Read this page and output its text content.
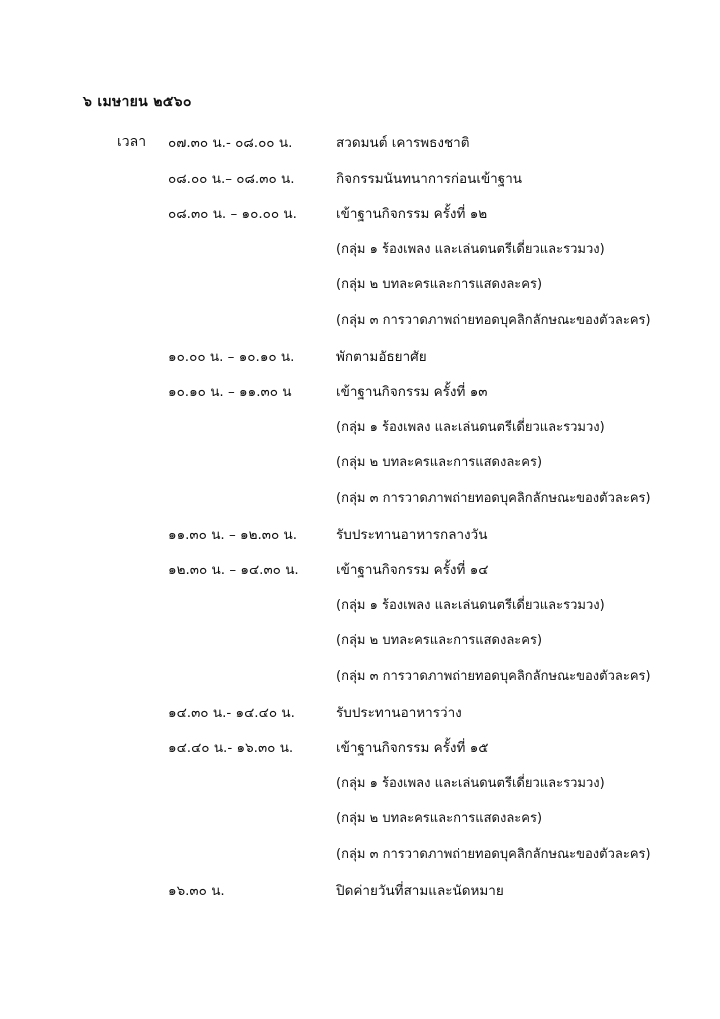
๖ เมษายน ๒๕๖๐
เวลา ๐๗.๓๐ น.- ๐๘.๐๐ น.	สวดมนต์ เคารพธงชาติ
๐๘.๐๐ น.– ๐๘.๓๐ น.	กิจกรรมนันทนาการก่อนเข้าฐาน
๐๘.๓๐ น. – ๑๐.๐๐ น.	เข้าฐานกิจกรรม ครั้งที่ ๑๒
(กลุ่ม ๑ ร้องเพลง และเล่นดนตรีเดี่ยวและรวมวง)
(กลุ่ม ๒ บทละครและการแสดงละคร)
(กลุ่ม ๓ การวาดภาพถ่ายทอดบุคลิกลักษณะของตัวละคร)
๑๐.๐๐ น. – ๑๐.๑๐ น.	พักตามอัธยาศัย
๑๐.๑๐ น. – ๑๑.๓๐ น	เข้าฐานกิจกรรม ครั้งที่ ๑๓
(กลุ่ม ๑ ร้องเพลง และเล่นดนตรีเดี่ยวและรวมวง)
(กลุ่ม ๒ บทละครและการแสดงละคร)
(กลุ่ม ๓ การวาดภาพถ่ายทอดบุคลิกลักษณะของตัวละคร)
๑๑.๓๐ น. – ๑๒.๓๐ น.	รับประทานอาหารกลางวัน
๑๒.๓๐ น. – ๑๔.๓๐ น.	เข้าฐานกิจกรรม ครั้งที่ ๑๔
(กลุ่ม ๑ ร้องเพลง และเล่นดนตรีเดี่ยวและรวมวง)
(กลุ่ม ๒ บทละครและการแสดงละคร)
(กลุ่ม ๓ การวาดภาพถ่ายทอดบุคลิกลักษณะของตัวละคร)
๑๔.๓๐ น.- ๑๔.๔๐ น.	รับประทานอาหารว่าง
๑๔.๔๐ น.- ๑๖.๓๐ น.	เข้าฐานกิจกรรม ครั้งที่ ๑๕
(กลุ่ม ๑ ร้องเพลง และเล่นดนตรีเดี่ยวและรวมวง)
(กลุ่ม ๒ บทละครและการแสดงละคร)
(กลุ่ม ๓ การวาดภาพถ่ายทอดบุคลิกลักษณะของตัวละคร)
๑๖.๓๐ น.	ปิดค่ายวันที่สามและนัดหมาย
